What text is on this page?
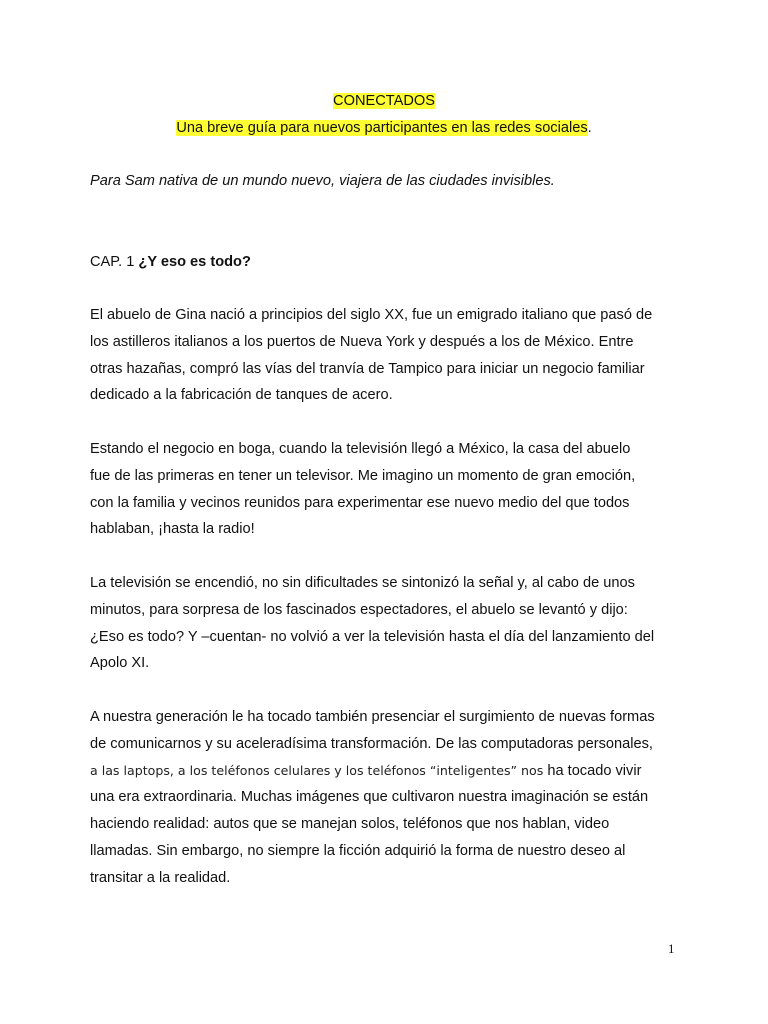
CONECTADOS
Una breve guía para nuevos participantes en las redes sociales.
Para Sam nativa de un mundo nuevo, viajera de las ciudades invisibles.
CAP. 1 ¿Y eso es todo?
El abuelo de Gina nació a principios del siglo XX, fue un emigrado italiano que pasó de
los astilleros italianos a los puertos de Nueva York y después a los de México. Entre
otras hazañas, compró las vías del tranvía de Tampico para iniciar un negocio familiar
dedicado a la fabricación de tanques de acero.
Estando el negocio en boga, cuando la televisión llegó a México, la casa del abuelo
fue de las primeras en tener un televisor. Me imagino un momento de gran emoción,
con la familia y vecinos reunidos para experimentar ese nuevo medio del que todos
hablaban, ¡hasta la radio!
La televisión se encendió, no sin dificultades se sintonizó la señal y, al cabo de unos
minutos, para sorpresa de los fascinados espectadores, el abuelo se levantó y dijo:
¿Eso es todo? Y –cuentan- no volvió a ver la televisión hasta el día del lanzamiento del
Apolo XI.
A nuestra generación le ha tocado también presenciar el surgimiento de nuevas formas
de comunicarnos y su aceleradísima transformación. De las computadoras personales,
a las laptops, a los teléfonos celulares y los teléfonos “inteligentes” nos ha tocado vivir
una era extraordinaria. Muchas imágenes que cultivaron nuestra imaginación se están
haciendo realidad: autos que se manejan solos, teléfonos que nos hablan, video
llamadas. Sin embargo, no siempre la ficción adquirió la forma de nuestro deseo al
transitar a la realidad.
1
